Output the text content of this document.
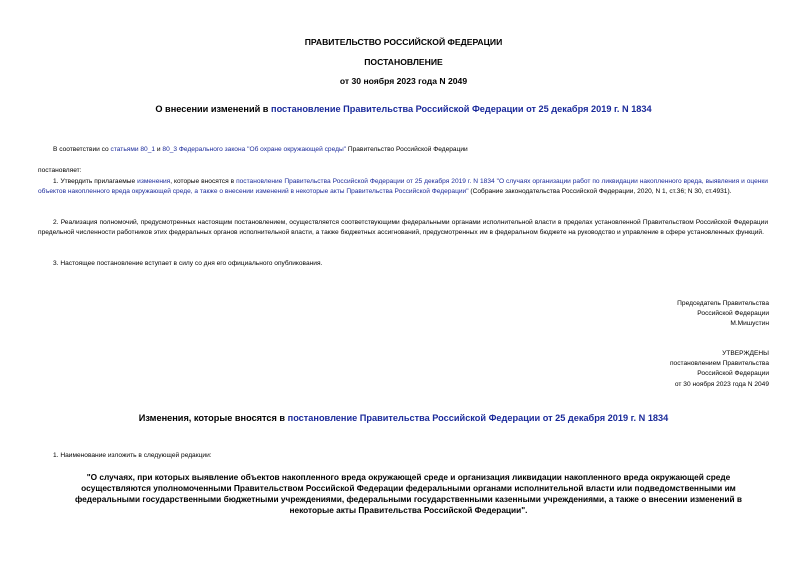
ПРАВИТЕЛЬСТВО РОССИЙСКОЙ ФЕДЕРАЦИИ
ПОСТАНОВЛЕНИЕ
от 30 ноября 2023 года N 2049
О внесении изменений в постановление Правительства Российской Федерации от 25 декабря 2019 г. N 1834

В соответствии со статьями 80_1 и 80_3 Федерального закона "Об охране окружающей среды" Правительство Российской Федерации

постановляет:

1. Утвердить прилагаемые изменения, которые вносятся в постановление Правительства Российской Федерации от 25 декабря 2019 г. N 1834 "О случаях организации работ по ликвидации накопленного вреда, выявления и оценки объектов накопленного вреда окружающей среде, а также о внесении изменений в некоторые акты Правительства Российской Федерации" (Собрание законодательства Российской Федерации, 2020, N 1, ст.36; N 30, ст.4931).

2. Реализация полномочий, предусмотренных настоящим постановлением, осуществляется соответствующими федеральными органами исполнительной власти в пределах установленной Правительством Российской Федерации предельной численности работников этих федеральных органов исполнительной власти, а также бюджетных ассигнований, предусмотренных им в федеральном бюджете на руководство и управление в сфере установленных функций.

3. Настоящее постановление вступает в силу со дня его официального опубликования.

Председатель Правительства
Российской Федерации
М.Мишустин
УТВЕРЖДЕНЫ
постановлением Правительства
Российской Федерации
от 30 ноября 2023 года N 2049
Изменения, которые вносятся в постановление Правительства Российской Федерации от 25 декабря 2019 г. N 1834

1. Наименование изложить в следующей редакции:

"О случаях, при которых выявление объектов накопленного вреда окружающей среде и организация ликвидации накопленного вреда окружающей среде осуществляются уполномоченными Правительством Российской Федерации федеральными органами исполнительной власти или подведомственными им федеральными государственными бюджетными учреждениями, федеральными государственными казенными учреждениями, а также о внесении изменений в некоторые акты Правительства Российской Федерации".
